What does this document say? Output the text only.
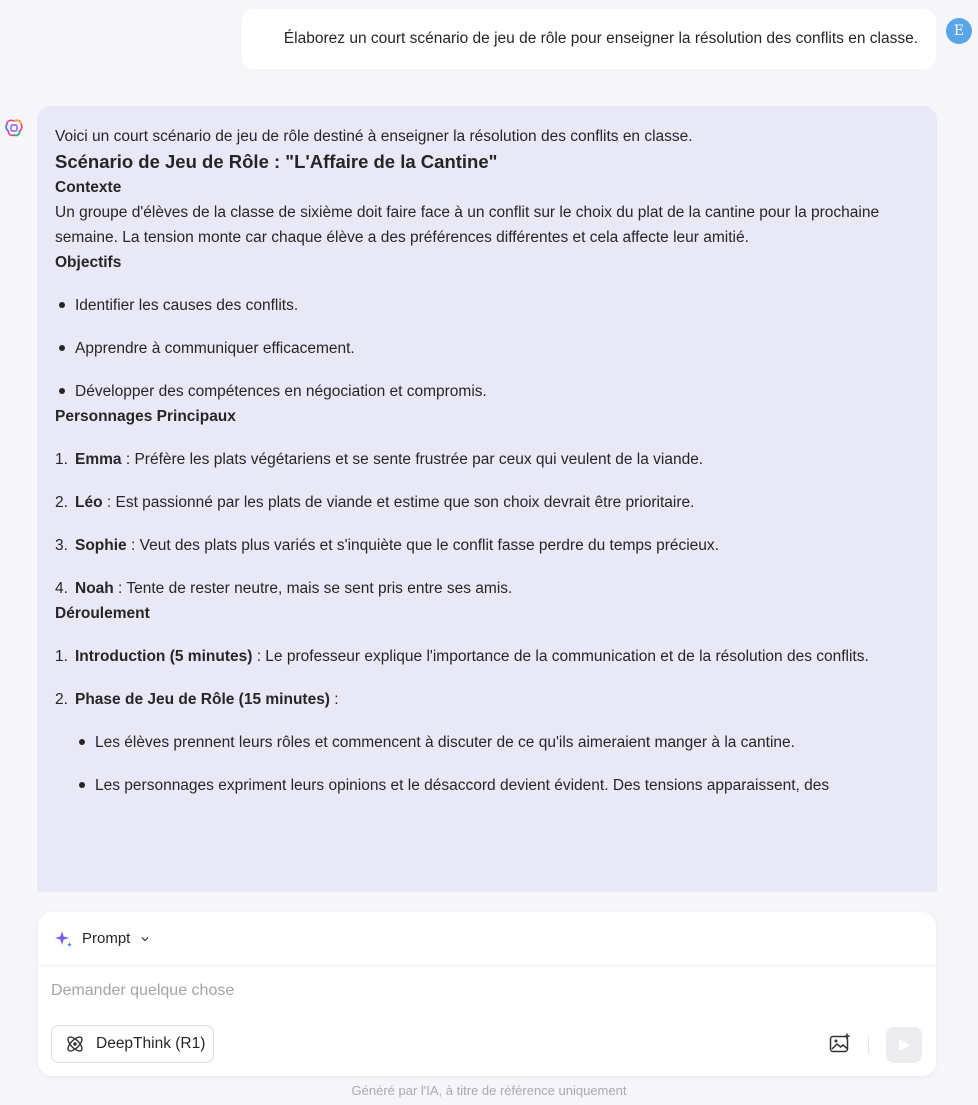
Élaborez un court scénario de jeu de rôle pour enseigner la résolution des conflits en classe.	E

Voici un court scénario de jeu de rôle destiné à enseigner la résolution des conflits en classe.

Scénario de Jeu de Rôle : "L'Affaire de la Cantine"

Contexte

Un groupe d'élèves de la classe de sixième doit faire face à un conflit sur le choix du plat de la cantine pour la prochaine semaine. La tension monte car chaque élève a des préférences différentes et cela affecte leur amitié.

Objectifs

Identifier les causes des conflits.
Apprendre à communiquer efficacement.
Développer des compétences en négociation et compromis.

Personnages Principaux

1. Emma : Préfère les plats végétariens et se sente frustrée par ceux qui veulent de la viande.
2. Léo : Est passionné par les plats de viande et estime que son choix devrait être prioritaire.
3. Sophie : Veut des plats plus variés et s'inquiète que le conflit fasse perdre du temps précieux.
4. Noah : Tente de rester neutre, mais se sent pris entre ses amis.

Déroulement

1. Introduction (5 minutes) : Le professeur explique l'importance de la communication et de la résolution des conflits.
2. Phase de Jeu de Rôle (15 minutes) :
Les élèves prennent leurs rôles et commencent à discuter de ce qu'ils aimeraient manger à la cantine.
Les personnages expriment leurs opinions et le désaccord devient évident. Des tensions apparaissent, des
Prompt
Demander quelque chose
DeepThink (R1)
Généré par l'IA, à titre de référence uniquement
